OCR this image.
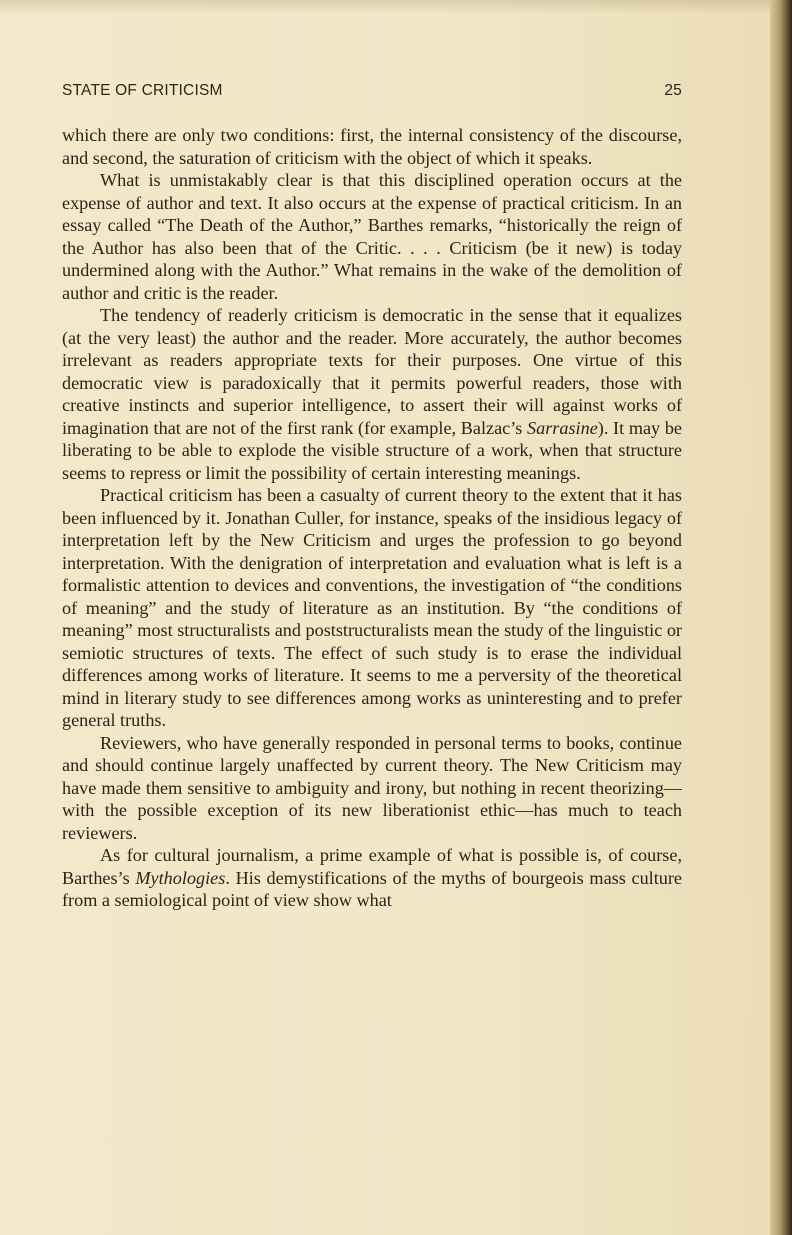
STATE OF CRITICISM	25

which there are only two conditions: first, the internal consistency of the discourse, and second, the saturation of criticism with the object of which it speaks.

What is unmistakably clear is that this disciplined operation occurs at the expense of author and text. It also occurs at the expense of practical criticism. In an essay called “The Death of the Author,” Barthes remarks, “historically the reign of the Author has also been that of the Critic. . . . Criticism (be it new) is today undermined along with the Author.” What remains in the wake of the demolition of author and critic is the reader.

The tendency of readerly criticism is democratic in the sense that it equalizes (at the very least) the author and the reader. More accurately, the author becomes irrelevant as readers appropriate texts for their purposes. One virtue of this democratic view is paradoxically that it permits powerful readers, those with creative instincts and superior intelligence, to assert their will against works of imagination that are not of the first rank (for example, Balzac’s Sarrasine). It may be liberating to be able to explode the visible structure of a work, when that structure seems to repress or limit the possibility of certain interesting meanings.

Practical criticism has been a casualty of current theory to the extent that it has been influenced by it. Jonathan Culler, for instance, speaks of the insidious legacy of interpretation left by the New Criticism and urges the profession to go beyond interpretation. With the denigration of interpretation and evaluation what is left is a formalistic attention to devices and conventions, the investigation of “the conditions of meaning” and the study of literature as an institution. By “the conditions of meaning” most structuralists and poststructuralists mean the study of the linguistic or semiotic structures of texts. The effect of such study is to erase the individual differences among works of literature. It seems to me a perversity of the theoretical mind in literary study to see differences among works as uninteresting and to prefer general truths.

Reviewers, who have generally responded in personal terms to books, continue and should continue largely unaffected by current theory. The New Criticism may have made them sensitive to ambiguity and irony, but nothing in recent theorizing—with the possible exception of its new liberationist ethic—has much to teach reviewers.

As for cultural journalism, a prime example of what is possible is, of course, Barthes’s Mythologies. His demystifications of the myths of bourgeois mass culture from a semiological point of view show what
